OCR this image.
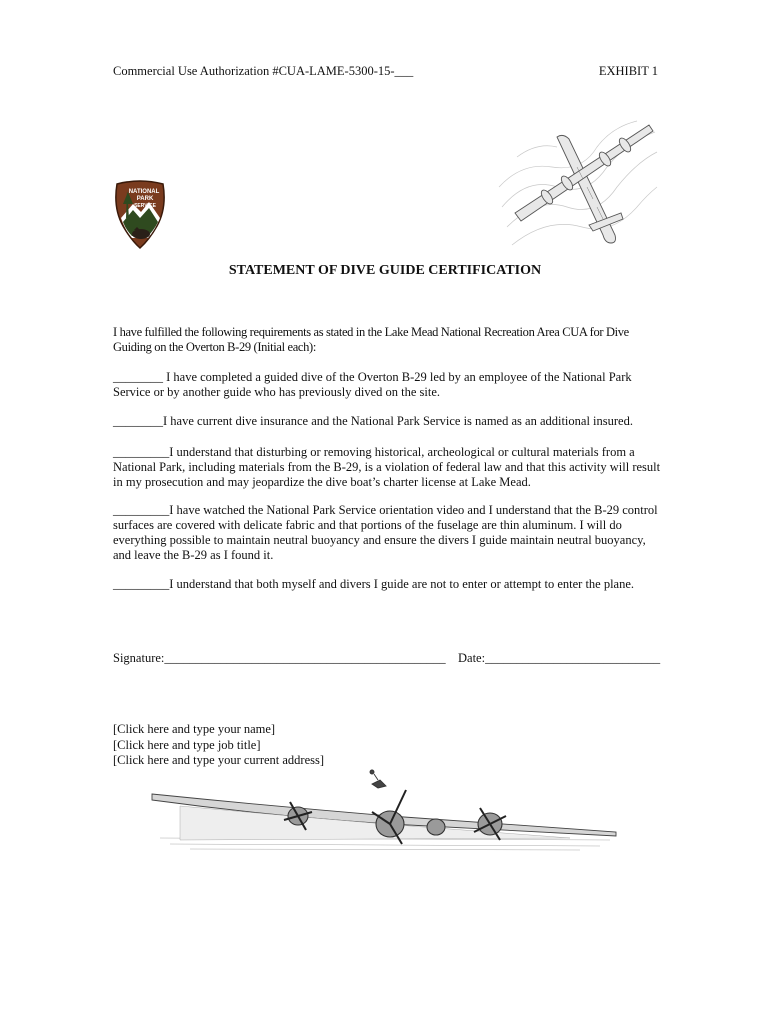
Commercial Use Authorization #CUA-LAME-5300-15-___	EXHIBIT 1
NATIONAL
PARK
SERVICE
STATEMENT OF DIVE GUIDE CERTIFICATION

I have fulfilled the following requirements as stated in the Lake Mead National Recreation Area CUA for Dive Guiding on the Overton B-29 (Initial each):

________ I have completed a guided dive of the Overton B-29 led by an employee of the National Park Service or by another guide who has previously dived on the site.

________I have current dive insurance and the National Park Service is named as an additional insured.

_________I understand that disturbing or removing historical, archeological or cultural materials from a National Park, including materials from the B-29, is a violation of federal law and that this activity will result in my prosecution and may jeopardize the dive boat’s charter license at Lake Mead.

_________I have watched the National Park Service orientation video and I understand that the B-29 control surfaces are covered with delicate fabric and that portions of the fuselage are thin aluminum. I will do everything possible to maintain neutral buoyancy and ensure the divers I guide maintain neutral buoyancy, and leave the B-29 as I found it.

_________I understand that both myself and divers I guide are not to enter or attempt to enter the plane.

Signature:_____________________________________________ Date:____________________________
[Click here and type your name]
[Click here and type job title]
[Click here and type your current address]
